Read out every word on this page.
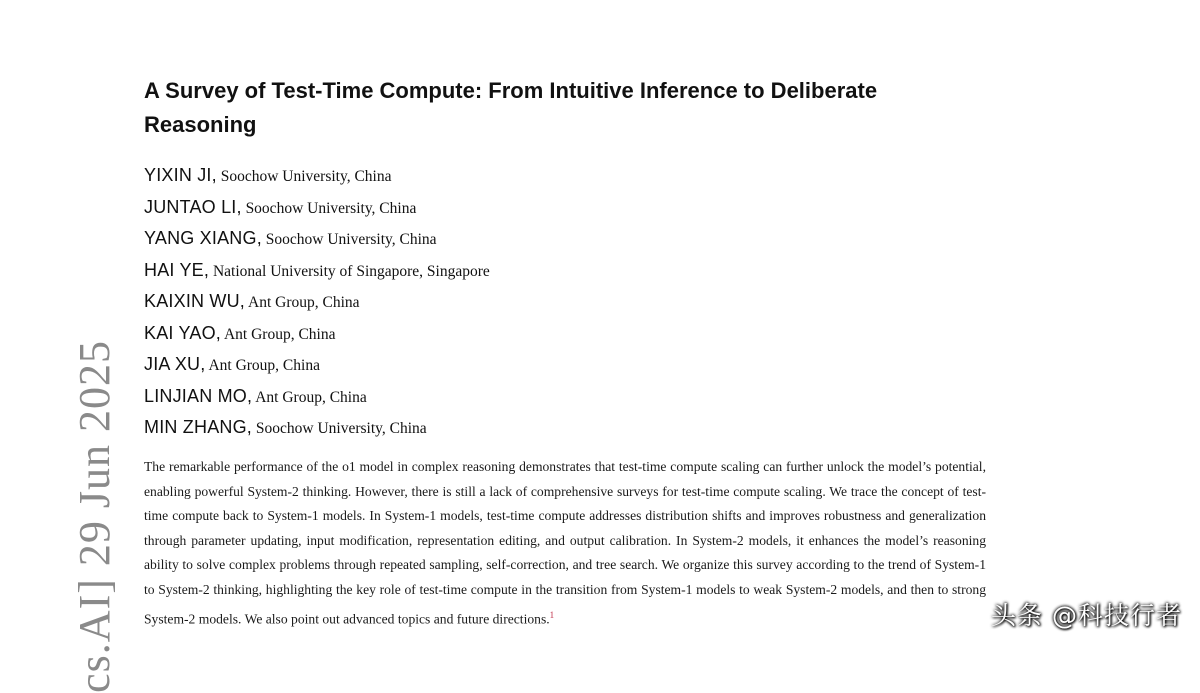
cs.AI] 29 Jun 2025
A Survey of Test-Time Compute: From Intuitive Inference to Deliberate Reasoning
YIXIN JI, Soochow University, China
JUNTAO LI, Soochow University, China
YANG XIANG, Soochow University, China
HAI YE, National University of Singapore, Singapore
KAIXIN WU, Ant Group, China
KAI YAO, Ant Group, China
JIA XU, Ant Group, China
LINJIAN MO, Ant Group, China
MIN ZHANG, Soochow University, China
The remarkable performance of the o1 model in complex reasoning demonstrates that test-time compute scaling can further unlock the model’s potential, enabling powerful System-2 thinking. However, there is still a lack of comprehensive surveys for test-time compute scaling. We trace the concept of test-time compute back to System-1 models. In System-1 models, test-time compute addresses distribution shifts and improves robustness and generalization through parameter updating, input modification, representation editing, and output calibration. In System-2 models, it enhances the model’s reasoning ability to solve complex problems through repeated sampling, self-correction, and tree search. We organize this survey according to the trend of System-1 to System-2 thinking, highlighting the key role of test-time compute in the transition from System-1 models to weak System-2 models, and then to strong System-2 models. We also point out advanced topics and future directions.$^1$	头条 @科技行者
